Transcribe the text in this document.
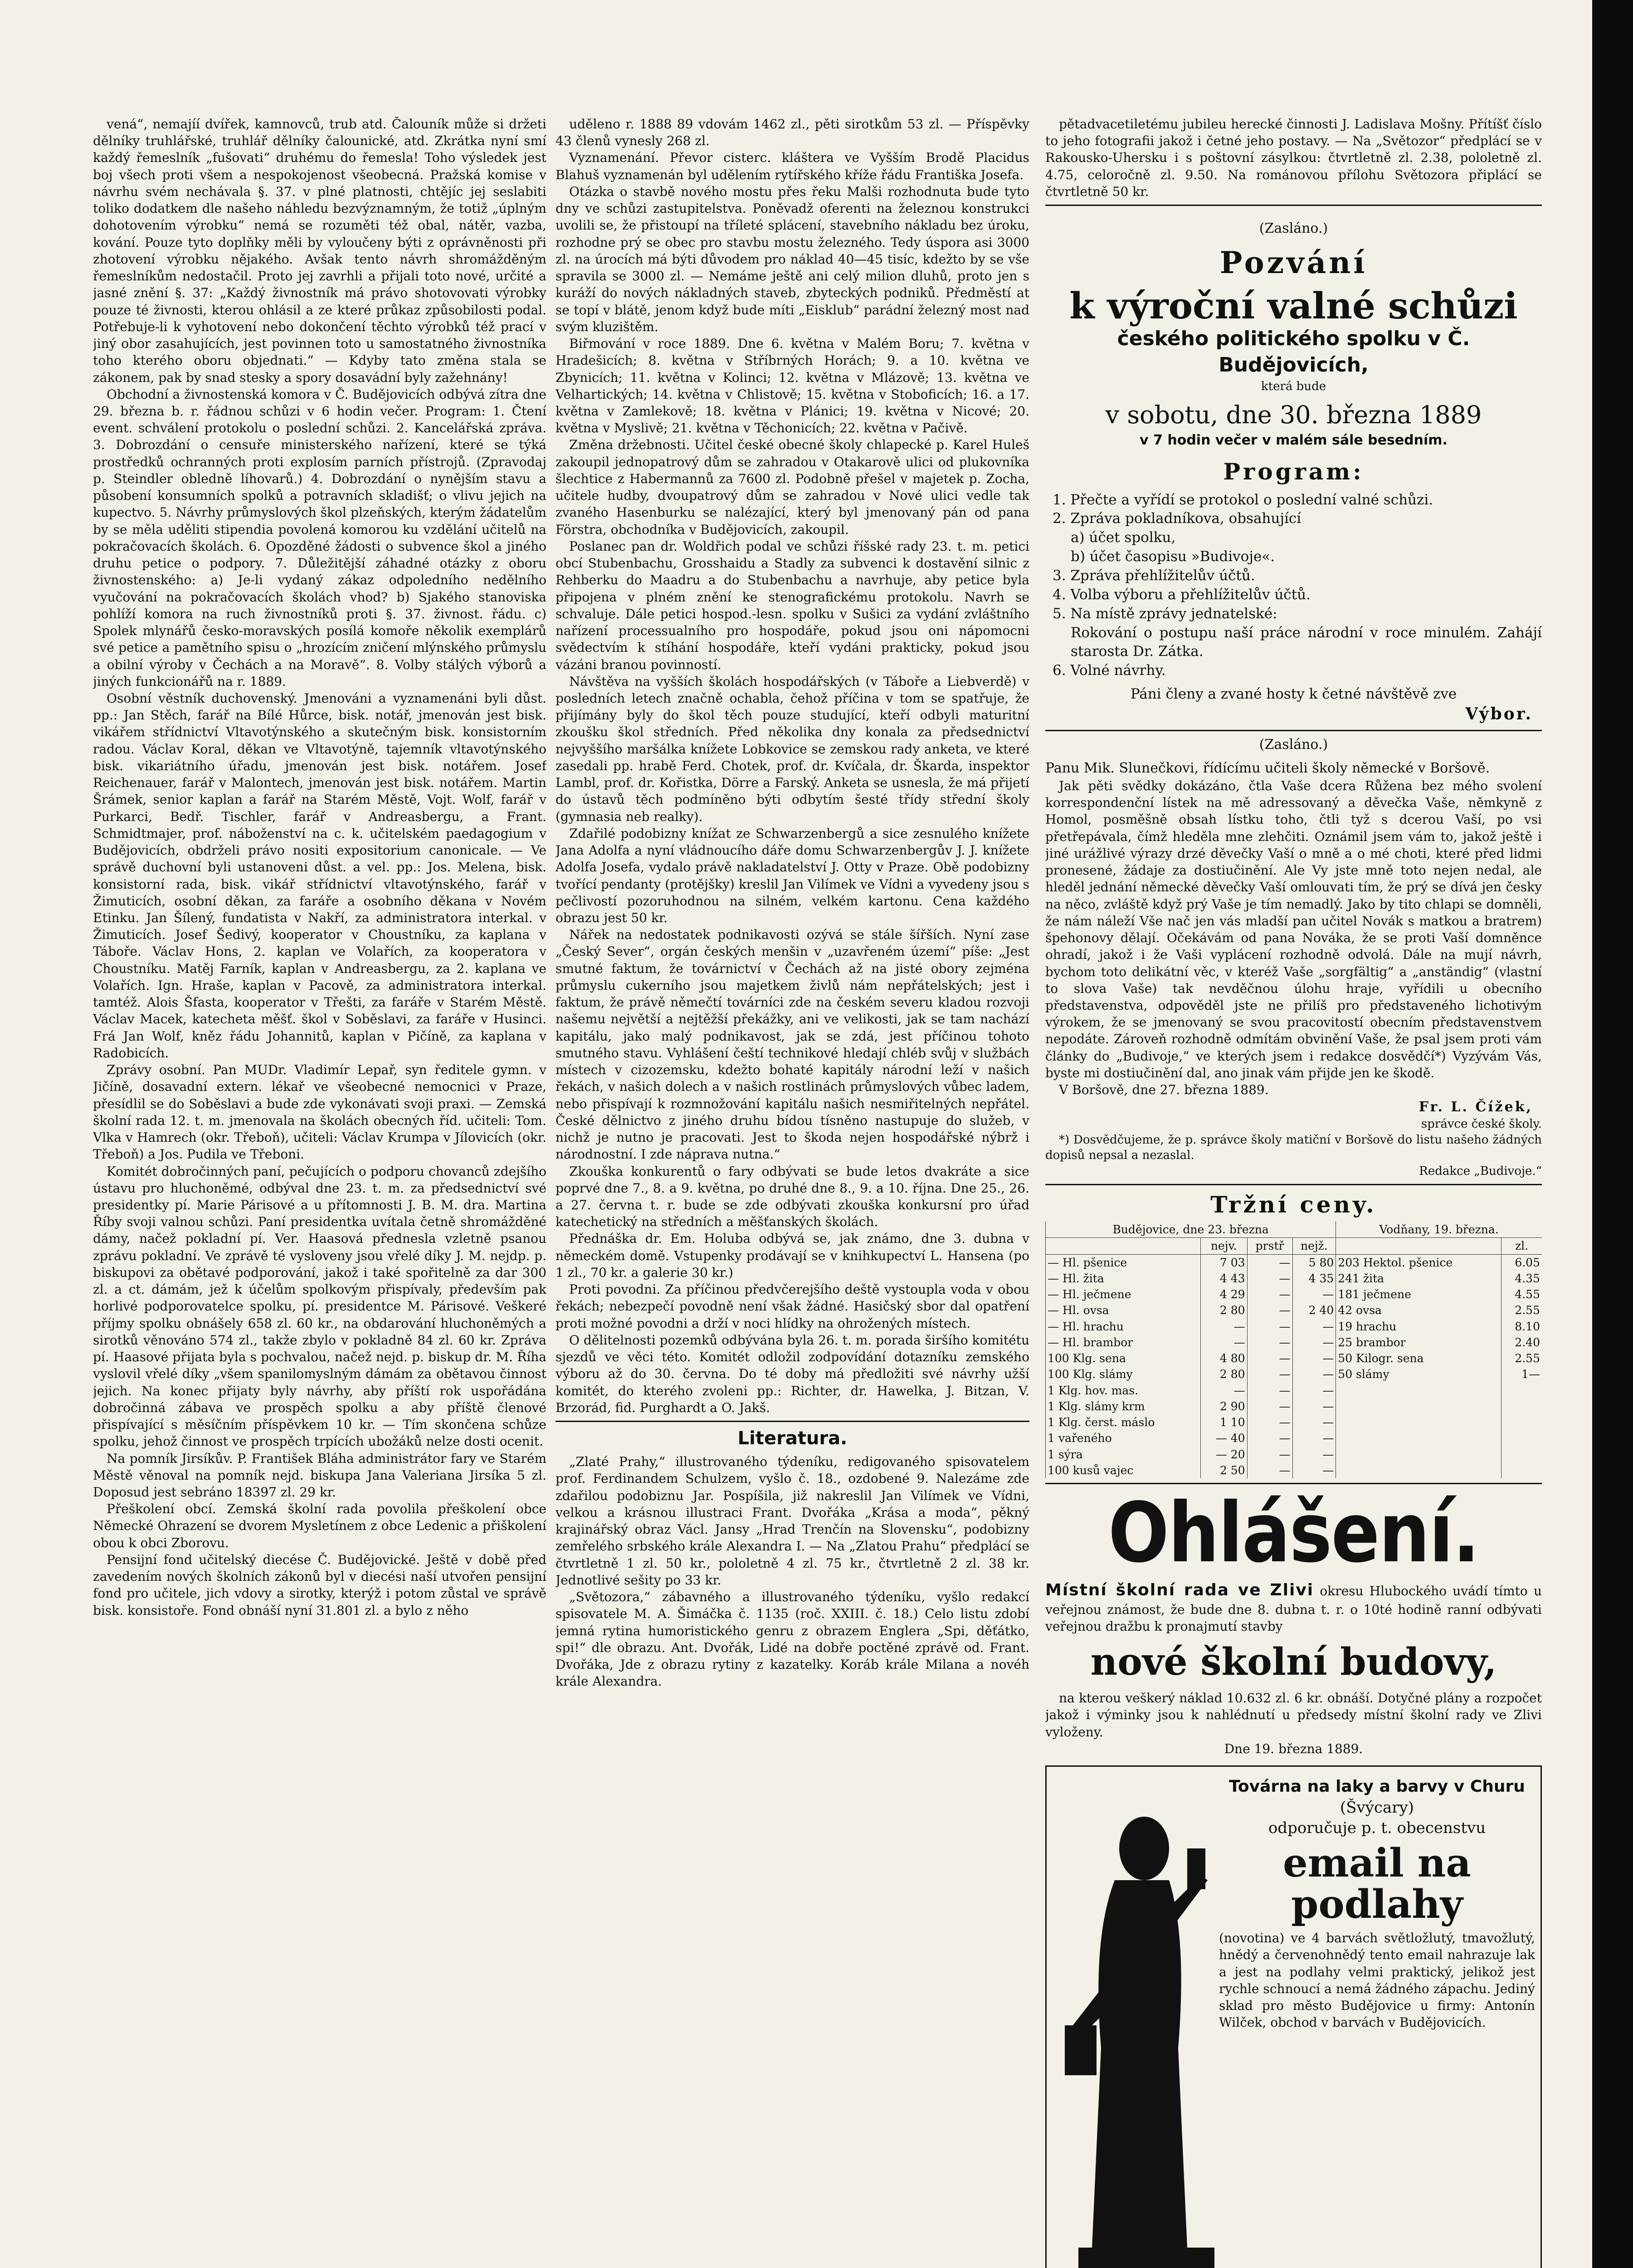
vená“, nemajíí dvířek, kamnovců, trub atd. Čalouník může si držeti dělníky truhlářské, truhlář dělníky čalounické, atd. Zkrátka nyní smí každý řemeslník „fušovati“ druhému do řemesla! Toho výsledek jest boj všech proti všem a nespokojenost všeobecná. Pražská komise v návrhu svém nechávala §. 37. v plné platnosti, chtějíc jej seslabiti toliko dodatkem dle našeho náhledu bezvýznamným, že totiž „úplným dohotovením výrobku“ nemá se rozuměti též obal, nátěr, vazba, kování. Pouze tyto doplňky měli by vyloučeny býti z oprávněnosti při zhotovení výrobku nějakého. Avšak tento návrh shromážděným řemeslníkům nedostačil. Proto jej zavrhli a přijali toto nové, určité a jasné znění §. 37: „Každý živnostník má právo shotovovati výrobky pouze té živnosti, kterou ohlásil a ze které průkaz způsobilosti podal. Potřebuje-li k vyhotovení nebo dokončení těchto výrobků též prací v jiný obor zasahujících, jest povinnen toto u samostatného živnostníka toho kterého oboru objednati.“ — Kdyby tato změna stala se zákonem, pak by snad stesky a spory dosavádní byly zažehnány!

Obchodní a živnostenská komora v Č. Budějovicích odbývá zítra dne 29. března b. r. řádnou schůzi v 6 hodin večer. Program: 1. Čtení event. schválení protokolu o poslední schůzi. 2. Kancelářská zpráva. 3. Dobrozdání o censuře ministerského nařízení, které se týká prostředků ochranných proti explosím parních přístrojů. (Zpravodaj p. Steindler obledně líhovarů.) 4. Dobrozdání o nynějším stavu a působení konsumních spolků a potravních skladišť; o vlivu jejich na kupectvo. 5. Návrhy průmyslových škol plzeňských, kterým žádatelům by se měla uděliti stipendia povolená komorou ku vzdělání učitelů na pokračovacích školách. 6. Opozděné žádosti o subvence škol a jiného druhu petice o podpory. 7. Důležitější záhadné otázky z oboru živnostenského: a) Je-li vydaný zákaz odpoledního nedělního vyučování na pokračovacích školách vhod? b) Sjakého stanoviska pohlíží komora na ruch živnostníků proti §. 37. živnost. řádu. c) Spolek mlynářů česko-moravských posílá komoře několik exemplárů své petice a pamětního spisu o „hrozícím zničení mlýnského průmyslu a obilní výroby v Čechách a na Moravě“. 8. Volby stálých výborů a jiných funkcionářů na r. 1889.

Osobní věstník duchovenský. Jmenováni a vyznamenáni byli důst. pp.: Jan Stěch, farář na Bílé Hůrce, bisk. notář, jmenován jest bisk. vikářem střídnictví Vltavotýnského a skutečným bisk. konsistorním radou. Václav Koral, děkan ve Vltavotýně, tajemník vltavotýnského bisk. vikariátního úřadu, jmenován jest bisk. notářem. Josef Reichenauer, farář v Malontech, jmenován jest bisk. notářem. Martin Šrámek, senior kaplan a farář na Starém Městě, Vojt. Wolf, farář v Purkarci, Bedř. Tischler, farář v Andreasbergu, a Frant. Schmidtmajer, prof. náboženství na c. k. učitelském paedagogium v Budějovicích, obdrželi právo nositi expositorium canonicale. — Ve správě duchovní byli ustanoveni důst. a vel. pp.: Jos. Melena, bisk. konsistorní rada, bisk. vikář střídnictví vltavotýnského, farář v Žimuticích, osobní děkan, za faráře a osobního děkana v Novém Etinku. Jan Šílený, fundatista v Nakří, za administratora interkal. v Žimuticích. Josef Šedivý, kooperator v Choustníku, za kaplana v Táboře. Václav Hons, 2. kaplan ve Volařích, za kooperatora v Choustníku. Matěj Farník, kaplan v Andreasbergu, za 2. kaplana ve Volařích. Ign. Hraše, kaplan v Pacově, za administratora interkal. tamtéž. Alois Šfasta, kooperator v Třešti, za faráře v Starém Městě. Václav Macek, katecheta měšť. škol v Soběslavi, za faráře v Husinci. Frá Jan Wolf, kněz řádu Johannitů, kaplan v Pičíně, za kaplana v Radobicích.

Zprávy osobní. Pan MUDr. Vladimír Lepař, syn ředitele gymn. v Jičíně, dosavadní extern. lékař ve všeobecné nemocnici v Praze, přesídlil se do Soběslavi a bude zde vykonávati svoji praxi. — Zemská školní rada 12. t. m. jmenovala na školách obecných říd. učiteli: Tom. Vlka v Hamrech (okr. Třeboň), učiteli: Václav Krumpa v Jílovicích (okr. Třeboň) a Jos. Pudila ve Třeboni.

Komitét dobročinných paní, pečujících o podporu chovanců zdejšího ústavu pro hluchoněmé, odbýval dne 23. t. m. za předsednictví své presidentky pí. Marie Párisové a u přítomnosti J. B. M. dra. Martina Říby svoji valnou schůzi. Paní presidentka uvítala četně shromážděné dámy, načež pokladní pí. Ver. Haasová přednesla vzletně psanou zprávu pokladní. Ve zprávě té vysloveny jsou vřelé díky J. M. nejdp. p. biskupovi za obětavé podporování, jakož i také spořitelně za dar 300 zl. a ct. dámám, jež k účelům spolkovým přispívaly, především pak horlivé podporovatelce spolku, pí. presidentce M. Párisové. Veškeré příjmy spolku obnášely 658 zl. 60 kr., na obdarování hluchoněmých a sirotků věnováno 574 zl., takže zbylo v pokladně 84 zl. 60 kr. Zpráva pí. Haasové přijata byla s pochvalou, načež nejd. p. biskup dr. M. Říha vyslovil vřelé díky „všem spanilomyslným dámám za obětavou činnost jejich. Na konec přijaty byly návrhy, aby příští rok uspořádána dobročinná zábava ve prospěch spolku a aby příště členové přispívající s měsíčním příspěvkem 10 kr. — Tím skončena schůze spolku, jehož činnost ve prospěch trpících ubožáků nelze dosti ocenit.

Na pomník Jirsíkův. P. František Bláha administrátor fary ve Starém Městě věnoval na pomník nejd. biskupa Jana Valeriana Jirsíka 5 zl. Doposud jest sebráno 18397 zl. 29 kr.

Přeškolení obcí. Zemská školní rada povolila přeškolení obce Německé Ohrazení se dvorem Mysletínem z obce Ledenic a přiškolení obou k obci Zborovu.

Pensijní fond učitelský diecése Č. Budějovické. Ještě v době před zavedením nových školních zákonů byl v diecési naší utvořen pensijní fond pro učitele, jich vdovy a sirotky, kterýž i potom zůstal ve správě bisk. konsistoře. Fond obnáší nyní 31.801 zl. a bylo z něho

uděleno r. 1888 89 vdovám 1462 zl., pěti sirotkům 53 zl. — Příspěvky 43 členů vynesly 268 zl.

Vyznamenání. Převor cisterc. kláštera ve Vyšším Brodě Placidus Blahuš vyznamenán byl udělením rytířského kříže řádu Františka Josefa.

Otázka o stavbě nového mostu přes řeku Malši rozhodnuta bude tyto dny ve schůzi zastupitelstva. Poněvadž oferenti na železnou konstrukci uvolili se, že přistoupí na tříleté splácení, stavebního nákladu bez úroku, rozhodne prý se obec pro stavbu mostu železného. Tedy úspora asi 3000 zl. na úrocích má býti důvodem pro náklad 40—45 tisíc, kdežto by se vše spravila se 3000 zl. — Nemáme ještě ani celý milion dluhů, proto jen s kuráží do nových nákladných staveb, zbyteckých podniků. Předměstí at se topí v blátě, jenom když bude míti „Eisklub“ parádní železný most nad svým kluzištěm.

Biřmování v roce 1889. Dne 6. května v Malém Boru; 7. května v Hradešicích; 8. května v Stříbrných Horách; 9. a 10. května ve Zbynicích; 11. května v Kolinci; 12. května v Mlázově; 13. května ve Velhartických; 14. května v Chlistově; 15. května v Stoboficích; 16. a 17. května v Zamlekově; 18. května v Plánici; 19. května v Nicové; 20. května v Myslivě; 21. května v Těchonicích; 22. května v Pačivě.

Změna držebnosti. Učitel české obecné školy chlapecké p. Karel Huleš zakoupil jednopatrový dům se zahradou v Otakarově ulici od plukovníka šlechtice z Habermannů za 7600 zl. Podobně přešel v majetek p. Zocha, učitele hudby, dvoupatrový dům se zahradou v Nové ulici vedle tak zvaného Hasenburku se nalézající, který byl jmenovaný pán od pana Förstra, obchodníka v Budějovicích, zakoupil.

Poslanec pan dr. Woldřich podal ve schůzi říšské rady 23. t. m. petici obcí Stubenbachu, Grosshaidu a Stadly za subvenci k dostavění silnic z Rehberku do Maadru a do Stubenbachu a navrhuje, aby petice byla připojena v plném znění ke stenografickému protokolu. Navrh se schvaluje. Dále petici hospod.-lesn. spolku v Sušici za vydání zvláštního nařízení processualního pro hospodáře, pokud jsou oni nápomocni svědectvím k stíhání hospodáře, kteří vydáni prakticky, pokud jsou vázáni branou povinností.

Návštěva na vyšších školách hospodářských (v Táboře a Liebverdě) v posledních letech značně ochabla, čehož příčina v tom se spatřuje, že přijímány byly do škol těch pouze studující, kteří odbyli maturitní zkoušku škol středních. Před několika dny konala za předsednictví nejvyššího maršálka knížete Lobkovice se zemskou rady anketa, ve které zasedali pp. hrabě Ferd. Chotek, prof. dr. Kvíčala, dr. Škarda, inspektor Lambl, prof. dr. Kořistka, Dörre a Farský. Anketa se usnesla, že má přijetí do ústavů těch podmíněno býti odbytím šesté třídy střední školy (gymnasia neb realky).

Zdařilé podobizny knížat ze Schwarzenbergů a sice zesnulého knížete Jana Adolfa a nyní vládnoucího dáře domu Schwarzenbergův J. J. knížete Adolfa Josefa, vydalo právě nakladatelství J. Otty v Praze. Obě podobizny tvořící pendanty (protějšky) kreslil Jan Vilímek ve Vídni a vyvedeny jsou s pečlivostí pozoruhodnou na silném, velkém kartonu. Cena každého obrazu jest 50 kr.

Nářek na nedostatek podnikavosti ozývá se stále šířších. Nyní zase „Český Sever“, orgán českých menšin v „uzavřeném území“ píše: „Jest smutné faktum, že továrnictví v Čechách až na jisté obory zejména průmyslu cukerního jsou majetkem živlů nám nepřátelských; jest i faktum, že právě němečtí továrníci zde na českém severu kladou rozvoji našemu největší a nejtěžší překážky, ani ve velikosti, jak se tam nachází kapitálu, jako malý podnikavost, jak se zdá, jest příčinou tohoto smutného stavu. Vyhlášení čeští technikové hledají chléb svůj v službách místech v cizozemsku, kdežto bohaté kapitály národní leží v našich řekách, v našich dolech a v našich rostlinách průmyslových vůbec ladem, nebo přispívají k rozmnožování kapitálu našich nesmiřitelných nepřátel. České dělnictvo z jiného druhu bídou tísněno nastupuje do služeb, v nichž je nutno je pracovati. Jest to škoda nejen hospodářské nýbrž i národnostní. I zde náprava nutna.“

Zkouška konkurentů o fary odbývati se bude letos dvakráte a sice poprvé dne 7., 8. a 9. května, po druhé dne 8., 9. a 10. října. Dne 25., 26. a 27. června t. r. bude se zde odbývati zkouška konkursní pro úřad katechetický na středních a měšťanských školách.

Přednáška dr. Em. Holuba odbývá se, jak známo, dne 3. dubna v německém domě. Vstupenky prodávají se v knihkupectví L. Hansena (po 1 zl., 70 kr. a galerie 30 kr.)

Proti povodni. Za příčinou předvčerejšího deště vystoupla voda v obou řekách; nebezpečí povodně není však žádné. Hasičský sbor dal opatření proti možné povodni a drží v noci hlídky na ohrožených místech.

O dělitelnosti pozemků odbývána byla 26. t. m. porada širšího komitétu sjezdů ve věci této. Komitét odložil zodpovídání dotazníku zemského výboru až do 30. června. Do té doby má předložiti své návrhy užší komitét, do kterého zvoleni pp.: Richter, dr. Hawelka, J. Bitzan, V. Brzorád, fid. Purghardt a O. Jakš.

Literatura.

„Zlaté Prahy,“ illustrovaného týdeníku, redigovaného spisovatelem prof. Ferdinandem Schulzem, vyšlo č. 18., ozdobené 9. Nalezáme zde zdařilou podobiznu Jar. Pospíšila, již nakreslil Jan Vilímek ve Vídni, velkou a krásnou illustraci Frant. Dvořáka „Krása a moda“, pěkný krajinářský obraz Václ. Jansy „Hrad Trenčín na Slovensku“, podobizny zemřelého srbského krále Alexandra I. — Na „Zlatou Prahu“ předplácí se čtvrtletně 1 zl. 50 kr., pololetně 4 zl. 75 kr., čtvrtletně 2 zl. 38 kr. Jednotlivé sešity po 33 kr.

„Světozora,“ zábavného a illustrovaného týdeníku, vyšlo redakcí spisovatele M. A. Šimáčka č. 1135 (roč. XXIII. č. 18.) Celo listu zdobí jemná rytina humoristického genru z obrazem Englera „Spi, děťátko, spi!“ dle obrazu. Ant. Dvořák, Lidé na dobře poctěné zprávě od. Frant. Dvořáka, Jde z obrazu rytiny z kazatelky. Koráb krále Milana a novéh krále Alexandra.

pětadvacetiletému jubileu herecké činnosti J. Ladislava Mošny. Přítíšť číslo to jeho fotografii jakož i četné jeho postavy. — Na „Světozor“ předplácí se v Rakousko-Uhersku i s poštovní zásylkou: čtvrtletně zl. 2.38, pololetně zl. 4.75, celoročně zl. 9.50. Na románovou přílohu Světozora připlácí se čtvrtletně 50 kr.

(Zasláno.)
Pozvání
k výroční valné schůzi
českého politického spolku v Č. Budějovicích,
která bude
v sobotu, dne 30. března 1889
v 7 hodin večer v malém sále besedním.
Program:
1. Přečte a vyřídí se protokol o poslední valné schůzi.
2. Zpráva pokladníkova, obsahující
a) účet spolku,
b) účet časopisu »Budivoje«.
3. Zpráva přehlížitelův účtů.
4. Volba výboru a přehlížitelův účtů.
5. Na místě zprávy jednatelské:
Rokování o postupu naší práce národní v roce minulém. Zahájí starosta Dr. Zátka.
6. Volné návrhy.
Páni členy a zvané hosty k četné návštěvě zve
Výbor.
(Zasláno.)

Panu Mik. Slunečkovi, řídícímu učiteli školy německé v Boršově.

Jak pěti svědky dokázáno, čtla Vaše dcera Růžena bez mého svolení korrespondenční lístek na mě adressovaný a děvečka Vaše, němkyně z Homol, posměšně obsah lístku toho, čtli tyž s dcerou Vaší, po vsi přetřepávala, čímž hleděla mne zlehčiti. Oznámil jsem vám to, jakož ještě i jiné urážlivé výrazy drzé děvečky Vaší o mně a o mé choti, které před lidmi pronesené, žádaje za dostiučinění. Ale Vy jste mně toto nejen nedal, ale hleděl jednání německé děvečky Vaší omlouvati tím, že prý se dívá jen česky na něco, zvláště když prý Vaše je tím nemadlý. Jako by tito chlapi se domněli, že nám náleží Vše nač jen vás mladší pan učitel Novák s matkou a bratrem) špehonovy dělají. Očekávám od pana Nováka, že se proti Vaší domněnce ohradí, jakož i že Vaši vyplácení rozhodně odvolá. Dále na mují návrh, bychom toto delikátní věc, v kteréž Vaše „sorgfältig“ a „anständig“ (vlastní to slova Vaše) tak nevděčnou úlohu hraje, vyřídili u obecního představenstva, odpověděl jste ne přilíš pro představeného lichotivým výrokem, že se jmenovaný se svou pracovitostí obecním představenstvem nepodáte. Zároveň rozhodně odmítám obvinění Vaše, že psal jsem proti vám články do „Budivoje,“ ve kterých jsem i redakce dosvědčí*) Vyzývám Vás, byste mi dostiučinění dal, ano jinak vám přijde jen ke škodě.

V Boršově, dne 27. března 1889.

Fr. L. Čížek,
správce české školy.

*) Dosvědčujeme, že p. správce školy matiční v Boršově do listu našeho žádných dopisů nepsal a nezaslal.

Redakce „Budivoje.“
Tržní ceny.
Budějovice, dne 23. března				Vodňany, 19. března.	
	nejv.	prstř	nejž.		zl.
— Hl. pšenice	7 03	—	5 80	203 Hektol. pšenice	6.05
— Hl. žita	4 43	—	4 35	241 žita	4.35
— Hl. ječmene	4 29	—	—	181 ječmene	4.55
— Hl. ovsa	2 80	—	2 40	42 ovsa	2.55
— Hl. hrachu	—	—	—	19 hrachu	8.10
— Hl. brambor	—	—	—	25 brambor	2.40
100 Klg. sena	4 80	—	—	50 Kilogr. sena	2.55
100 Klg. slámy	2 80	—	—	50 slámy	1—
1 Klg. hov. mas.	—	—	—		
1 Klg. slámy krm	2 90	—	—		
1 Klg. čerst. máslo	1 10	—	—		
1 vařeného	— 40	—	—		
1 sýra	— 20	—	—		
100 kusů vajec	2 50	—	—		
Ohlášení.

Místní školní rada ve Zlivi okresu Hlubockého uvádí tímto u veřejnou známost, že bude dne 8. dubna t. r. o 10té hodině ranní odbývati veřejnou dražbu k pronajmutí stavby

nové školní budovy,

na kterou veškerý náklad 10.632 zl. 6 kr. obnáší. Dotyčné plány a rozpočet jakož i výminky jsou k nahlédnutí u předsedy místní školní rady ve Zlivi vyloženy.

Dne 19. března 1889.

Továrna na laky a barvy v Churu
(Švýcary)
odporučuje p. t. obecenstvu
email na podlahy
(novotina) ve 4 barvách světložlutý, tmavožlutý, hnědý a červenohnědý tento email nahrazuje lak a jest na podlahy velmi praktický, jelikož jest rychle schnoucí a nemá žádného zápachu. Jediný sklad pro město Budějovice u firmy: Antonín Wilček, obchod v barvách v Budějovicích.
